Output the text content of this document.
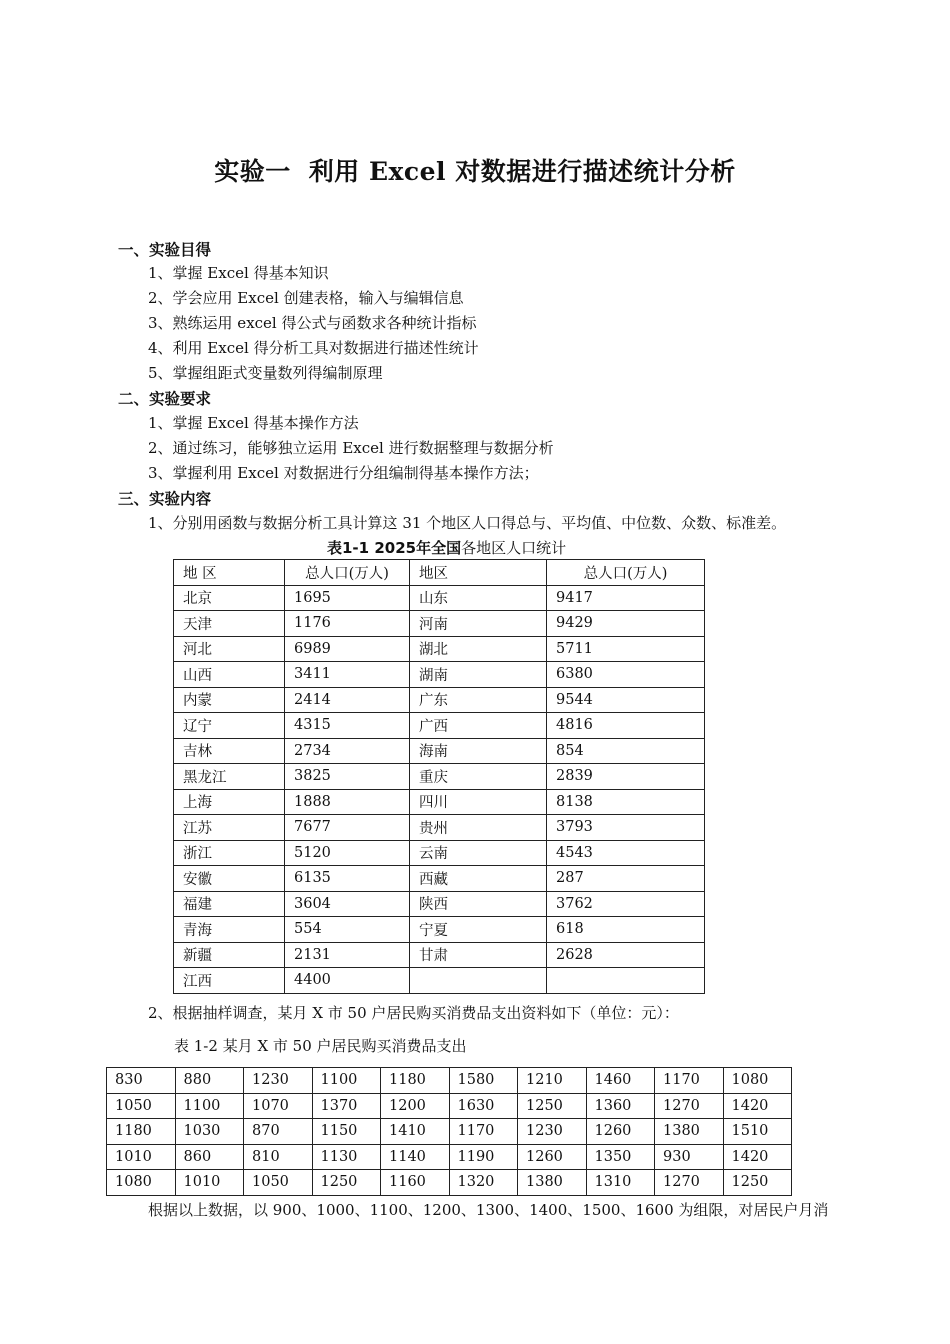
实验一 利用 Excel 对数据进行描述统计分析
一、实验目得
1、掌握 Excel 得基本知识
2、学会应用 Excel 创建表格，输入与编辑信息
3、熟练运用 excel 得公式与函数求各种统计指标
4、利用 Excel 得分析工具对数据进行描述性统计
5、掌握组距式变量数列得编制原理
二、实验要求
1、掌握 Excel 得基本操作方法
2、通过练习，能够独立运用 Excel 进行数据整理与数据分析
3、掌握利用 Excel 对数据进行分组编制得基本操作方法；
三、实验内容
1、分别用函数与数据分析工具计算这 31 个地区人口得总与、平均值、中位数、众数、标准差。
表1-1 2025年全国各地区人口统计
地 区	总人口(万人)	地区	总人口(万人)
北京	1695	山东	9417
天津	1176	河南	9429
河北	6989	湖北	5711
山西	3411	湖南	6380
内蒙	2414	广东	9544
辽宁	4315	广西	4816
吉林	2734	海南	854
黑龙江	3825	重庆	2839
上海	1888	四川	8138
江苏	7677	贵州	3793
浙江	5120	云南	4543
安徽	6135	西藏	287
福建	3604	陕西	3762
青海	554	宁夏	618
新疆	2131	甘肃	2628
江西	4400		
2、根据抽样调查，某月 X 市 50 户居民购买消费品支出资料如下（单位：元）：
表 1-2 某月 X 市 50 户居民购买消费品支出
830	880	1230	1100	1180	1580	1210	1460	1170	1080
1050	1100	1070	1370	1200	1630	1250	1360	1270	1420
1180	1030	870	1150	1410	1170	1230	1260	1380	1510
1010	860	810	1130	1140	1190	1260	1350	930	1420
1080	1010	1050	1250	1160	1320	1380	1310	1270	1250
根据以上数据，以 900、1000、1100、1200、1300、1400、1500、1600 为组限，对居民户月消
